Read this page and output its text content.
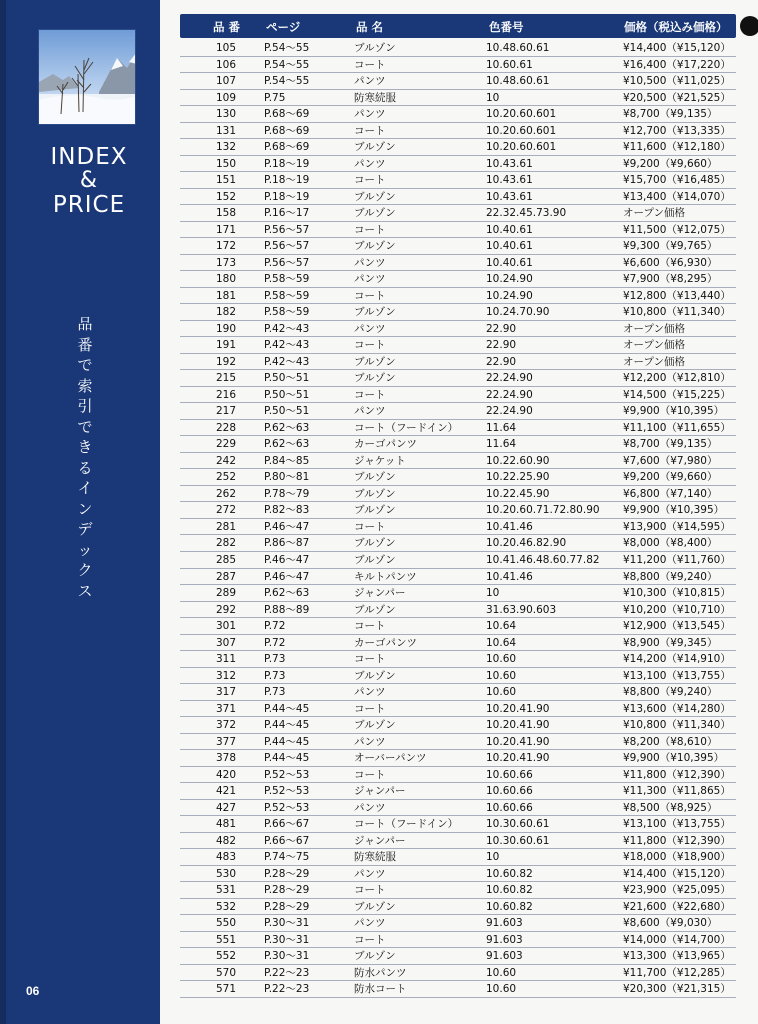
INDEX
&
PRICE
品
番
で
索
引
で
き
る
イ
ン
デ
ッ
ク
ス
06
品 番 ページ	品 名	色番号	価格（税込み価格）
105	P.54〜55	ブルゾン	10.48.60.61	¥14,400（¥15,120）
106	P.54〜55	コート	10.60.61	¥16,400（¥17,220）
107	P.54〜55	パンツ	10.48.60.61	¥10,500（¥11,025）
109	P.75	防寒続服	10	¥20,500（¥21,525）
130	P.68〜69	パンツ	10.20.60.601	¥8,700（¥9,135）
131	P.68〜69	コート	10.20.60.601	¥12,700（¥13,335）
132	P.68〜69	ブルゾン	10.20.60.601	¥11,600（¥12,180）
150	P.18〜19	パンツ	10.43.61	¥9,200（¥9,660）
151	P.18〜19	コート	10.43.61	¥15,700（¥16,485）
152	P.18〜19	ブルゾン	10.43.61	¥13,400（¥14,070）
158	P.16〜17	ブルゾン	22.32.45.73.90	オープン価格
171	P.56〜57	コート	10.40.61	¥11,500（¥12,075）
172	P.56〜57	ブルゾン	10.40.61	¥9,300（¥9,765）
173	P.56〜57	パンツ	10.40.61	¥6,600（¥6,930）
180	P.58〜59	パンツ	10.24.90	¥7,900（¥8,295）
181	P.58〜59	コート	10.24.90	¥12,800（¥13,440）
182	P.58〜59	ブルゾン	10.24.70.90	¥10,800（¥11,340）
190	P.42〜43	パンツ	22.90	オープン価格
191	P.42〜43	コート	22.90	オープン価格
192	P.42〜43	ブルゾン	22.90	オープン価格
215	P.50〜51	ブルゾン	22.24.90	¥12,200（¥12,810）
216	P.50〜51	コート	22.24.90	¥14,500（¥15,225）
217	P.50〜51	パンツ	22.24.90	¥9,900（¥10,395）
228	P.62〜63	コート（フードイン）	11.64	¥11,100（¥11,655）
229	P.62〜63	カーゴパンツ	11.64	¥8,700（¥9,135）
242	P.84〜85	ジャケット	10.22.60.90	¥7,600（¥7,980）
252	P.80〜81	ブルゾン	10.22.25.90	¥9,200（¥9,660）
262	P.78〜79	ブルゾン	10.22.45.90	¥6,800（¥7,140）
272	P.82〜83	ブルゾン	10.20.60.71.72.80.90 ¥9,900（¥10,395）
281	P.46〜47	コート	10.41.46	¥13,900（¥14,595）
282	P.86〜87	ブルゾン	10.20.46.82.90	¥8,000（¥8,400）
285	P.46〜47	ブルゾン	10.41.46.48.60.77.82 ¥11,200（¥11,760）
287	P.46〜47	キルトパンツ	10.41.46	¥8,800（¥9,240）
289	P.62〜63	ジャンパー	10	¥10,300（¥10,815）
292	P.88〜89	ブルゾン	31.63.90.603	¥10,200（¥10,710）
301	P.72	コート	10.64	¥12,900（¥13,545）
307	P.72	カーゴパンツ	10.64	¥8,900（¥9,345）
311	P.73	コート	10.60	¥14,200（¥14,910）
312	P.73	ブルゾン	10.60	¥13,100（¥13,755）
317	P.73	パンツ	10.60	¥8,800（¥9,240）
371	P.44〜45	コート	10.20.41.90	¥13,600（¥14,280）
372	P.44〜45	ブルゾン	10.20.41.90	¥10,800（¥11,340）
377	P.44〜45	パンツ	10.20.41.90	¥8,200（¥8,610）
378	P.44〜45	オーバーパンツ	10.20.41.90	¥9,900（¥10,395）
420	P.52〜53	コート	10.60.66	¥11,800（¥12,390）
421	P.52〜53	ジャンパー	10.60.66	¥11,300（¥11,865）
427	P.52〜53	パンツ	10.60.66	¥8,500（¥8,925）
481	P.66〜67	コート（フードイン）	10.30.60.61	¥13,100（¥13,755）
482	P.66〜67	ジャンパー	10.30.60.61	¥11,800（¥12,390）
483	P.74〜75	防寒続服	10	¥18,000（¥18,900）
530	P.28〜29	パンツ	10.60.82	¥14,400（¥15,120）
531	P.28〜29	コート	10.60.82	¥23,900（¥25,095）
532	P.28〜29	ブルゾン	10.60.82	¥21,600（¥22,680）
550	P.30〜31	パンツ	91.603	¥8,600（¥9,030）
551	P.30〜31	コート	91.603	¥14,000（¥14,700）
552	P.30〜31	ブルゾン	91.603	¥13,300（¥13,965）
570	P.22〜23	防水パンツ	10.60	¥11,700（¥12,285）
571	P.22〜23	防水コート	10.60	¥20,300（¥21,315）
